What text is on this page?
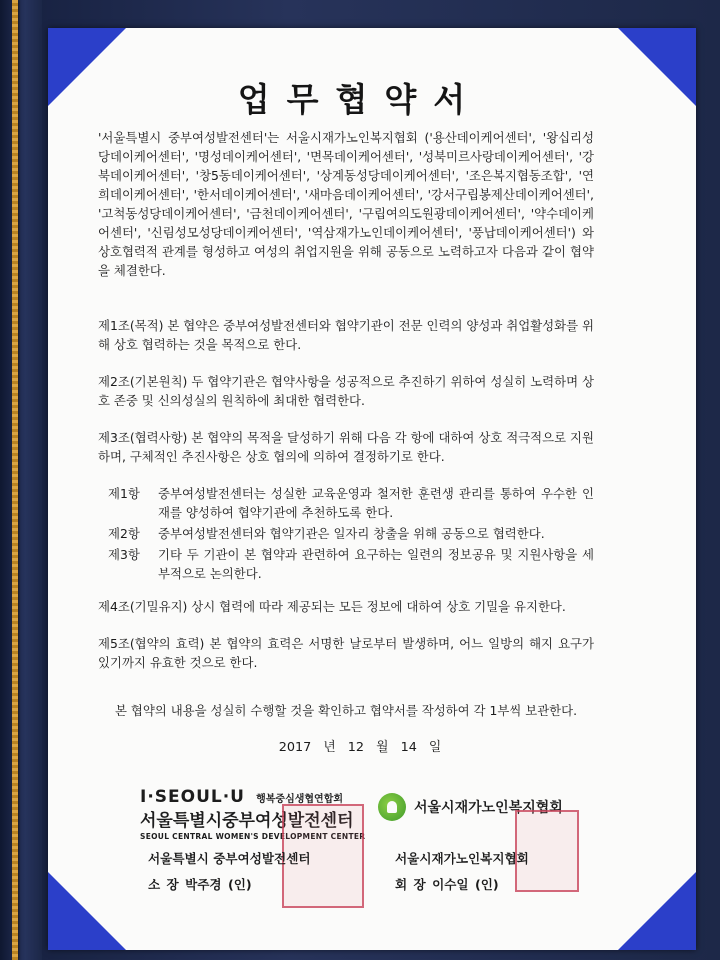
업무협약서
'서울특별시 중부여성발전센터'는 서울시재가노인복지협회 ('용산데이케어센터', '왕십리성당데이케어센터', '명성데이케어센터', '면목데이케어센터', '성북미르사랑데이케어센터', '강북데이케어센터', '창5동데이케어센터', '상계동성당데이케어센터', '조은복지협동조합', '연희데이케어센터', '한서데이케어센터', '새마음데이케어센터', '강서구립봉제산데이케어센터', '고척동성당데이케어센터', '금천데이케어센터', '구립여의도원광데이케어센터', '약수데이케어센터', '신림성모성당데이케어센터', '역삼재가노인데이케어센터', '풍납데이케어센터') 와 상호협력적 관계를 형성하고 여성의 취업지원을 위해 공동으로 노력하고자 다음과 같이 협약을 체결한다.

제1조(목적) 본 협약은 중부여성발전센터와 협약기관이 전문 인력의 양성과 취업활성화를 위해 상호 협력하는 것을 목적으로 한다.

제2조(기본원칙) 두 협약기관은 협약사항을 성공적으로 추진하기 위하여 성실히 노력하며 상호 존중 및 신의성실의 원칙하에 최대한 협력한다.

제3조(협력사항) 본 협약의 목적을 달성하기 위해 다음 각 항에 대하여 상호 적극적으로 지원하며, 구체적인 추진사항은 상호 협의에 의하여 결정하기로 한다.

제1항	중부여성발전센터는 성실한 교육운영과 철저한 훈련생 관리를 통하여 우수한 인재를 양성하여 협약기관에 추천하도록 한다.
제2항	중부여성발전센터와 협약기관은 일자리 창출을 위해 공동으로 협력한다.
제3항	기타 두 기관이 본 협약과 관련하여 요구하는 일련의 정보공유 및 지원사항을 세부적으로 논의한다.

제4조(기밀유지) 상시 협력에 따라 제공되는 모든 정보에 대하여 상호 기밀을 유지한다.

제5조(협약의 효력) 본 협약의 효력은 서명한 날로부터 발생하며, 어느 일방의 해지 요구가 있기까지 유효한 것으로 한다.

본 협약의 내용을 성실히 수행할 것을 확인하고 협약서를 작성하여 각 1부씩 보관한다.
2017 년 12 월 14 일
I·SEOUL·U 행복중심생협연합회
서울특별시중부여성발전센터
SEOUL CENTRAL WOMEN'S DEVELOPMENT CENTER
서울시재가노인복지협회
서울특별시 중부여성발전센터
소 장 박주경 (인)
서울시재가노인복지협회
회 장 이수일 (인)
